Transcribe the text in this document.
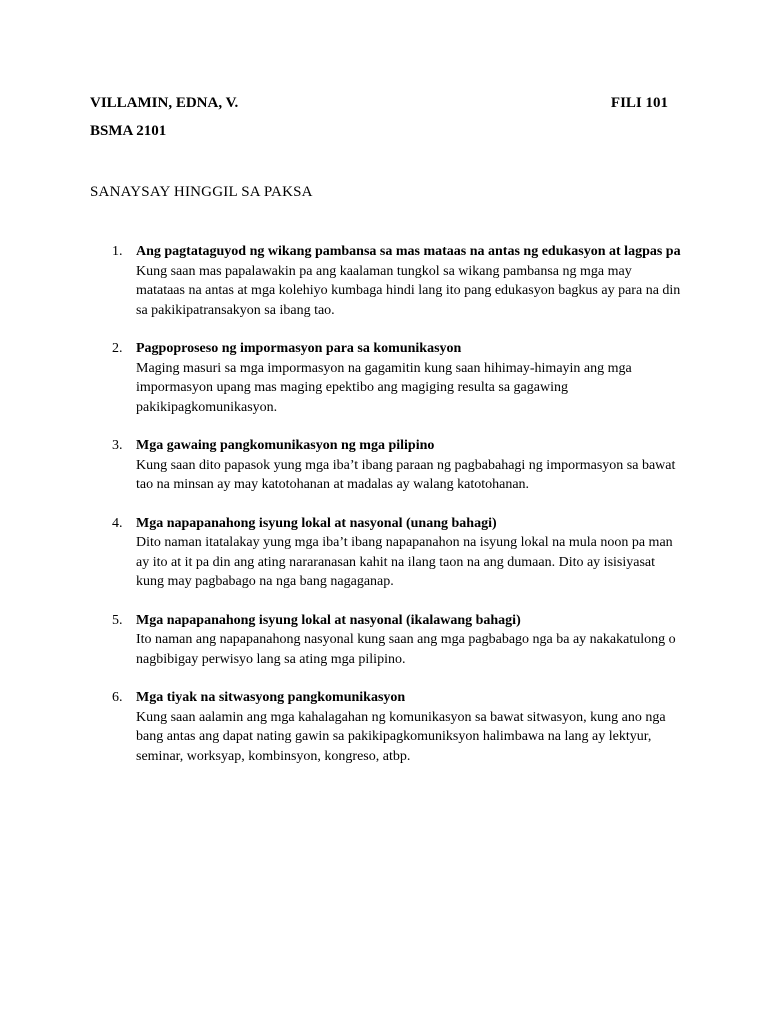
VILLAMIN, EDNA, V.	FILI 101
BSMA 2101
SANAYSAY HINGGIL SA PAKSA
1. Ang pagtataguyod ng wikang pambansa sa mas mataas na antas ng edukasyon at lagpas pa
Kung saan mas papalawakin pa ang kaalaman tungkol sa wikang pambansa ng mga may matataas na antas at mga kolehiyo kumbaga hindi lang ito pang edukasyon bagkus ay para na din sa pakikipatransakyon sa ibang tao.
2. Pagpoproseso ng impormasyon para sa komunikasyon
Maging masuri sa mga impormasyon na gagamitin kung saan hihimay-himayin ang mga impormasyon upang mas maging epektibo ang magiging resulta sa gagawing pakikipagkomunikasyon.
3. Mga gawaing pangkomunikasyon ng mga pilipino
Kung saan dito papasok yung mga iba’t ibang paraan ng pagbabahagi ng impormasyon sa bawat tao na minsan ay may katotohanan at madalas ay walang katotohanan.
4. Mga napapanahong isyung lokal at nasyonal (unang bahagi)
Dito naman itatalakay yung mga iba’t ibang napapanahon na isyung lokal na mula noon pa man ay ito at it pa din ang ating nararanasan kahit na ilang taon na ang dumaan. Dito ay isisiyasat kung may pagbabago na nga bang nagaganap.
5. Mga napapanahong isyung lokal at nasyonal (ikalawang bahagi)
Ito naman ang napapanahong nasyonal kung saan ang mga pagbabago nga ba ay nakakatulong o nagbibigay perwisyo lang sa ating mga pilipino.
6. Mga tiyak na sitwasyong pangkomunikasyon
Kung saan aalamin ang mga kahalagahan ng komunikasyon sa bawat sitwasyon, kung ano nga bang antas ang dapat nating gawin sa pakikipagkomuniksyon halimbawa na lang ay lektyur, seminar, worksyap, kombinsyon, kongreso, atbp.
